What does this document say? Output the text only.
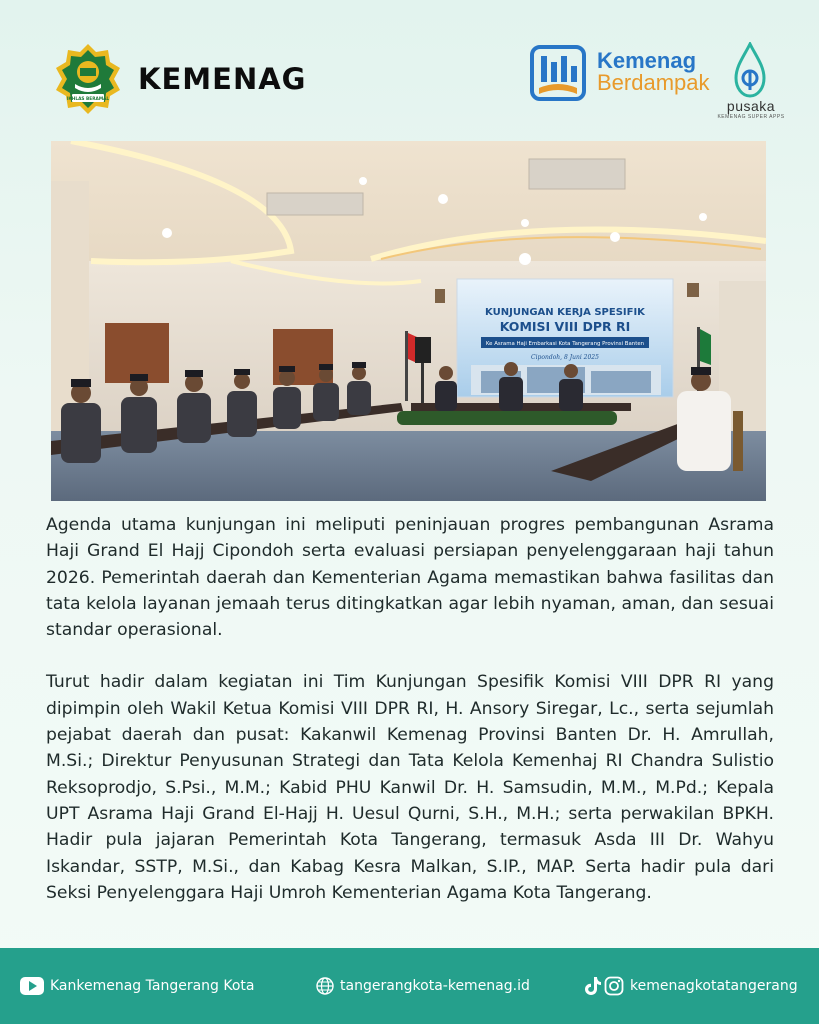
IKHLAS BERAMAL
KEMENAG
Kemenag
Berdampak
pusaka
KEMENAG SUPER APPS
KUNJUNGAN KERJA SPESIFIK
KOMISI VIII DPR RI
Ke Asrama Haji Embarkasi Kota Tangerang Provinsi Banten
Cipondoh, 8 Juni 2025

Agenda utama kunjungan ini meliputi peninjauan progres pembangunan Asrama Haji Grand El Hajj Cipondoh serta evaluasi persiapan penyelenggaraan haji tahun 2026. Pemerintah daerah dan Kementerian Agama memastikan bahwa fasilitas dan tata kelola layanan jemaah terus ditingkatkan agar lebih nyaman, aman, dan sesuai standar operasional.

Turut hadir dalam kegiatan ini Tim Kunjungan Spesifik Komisi VIII DPR RI yang dipimpin oleh Wakil Ketua Komisi VIII DPR RI, H. Ansory Siregar, Lc., serta sejumlah pejabat daerah dan pusat: Kakanwil Kemenag Provinsi Banten Dr. H. Amrullah, M.Si.; Direktur Penyusunan Strategi dan Tata Kelola Kemenhaj RI Chandra Sulistio Reksoprodjo, S.Psi., M.M.; Kabid PHU Kanwil Dr. H. Samsudin, M.M., M.Pd.; Kepala UPT Asrama Haji Grand El-Hajj H. Uesul Qurni, S.H., M.H.; serta perwakilan BPKH. Hadir pula jajaran Pemerintah Kota Tangerang, termasuk Asda III Dr. Wahyu Iskandar, SSTP, M.Si., dan Kabag Kesra Malkan, S.IP., MAP. Serta hadir pula dari Seksi Penyelenggara Haji Umroh Kementerian Agama Kota Tangerang.

Kankemenag Tangerang Kota	tangerangkota-kemenag.id	kemenagkotatangerang
